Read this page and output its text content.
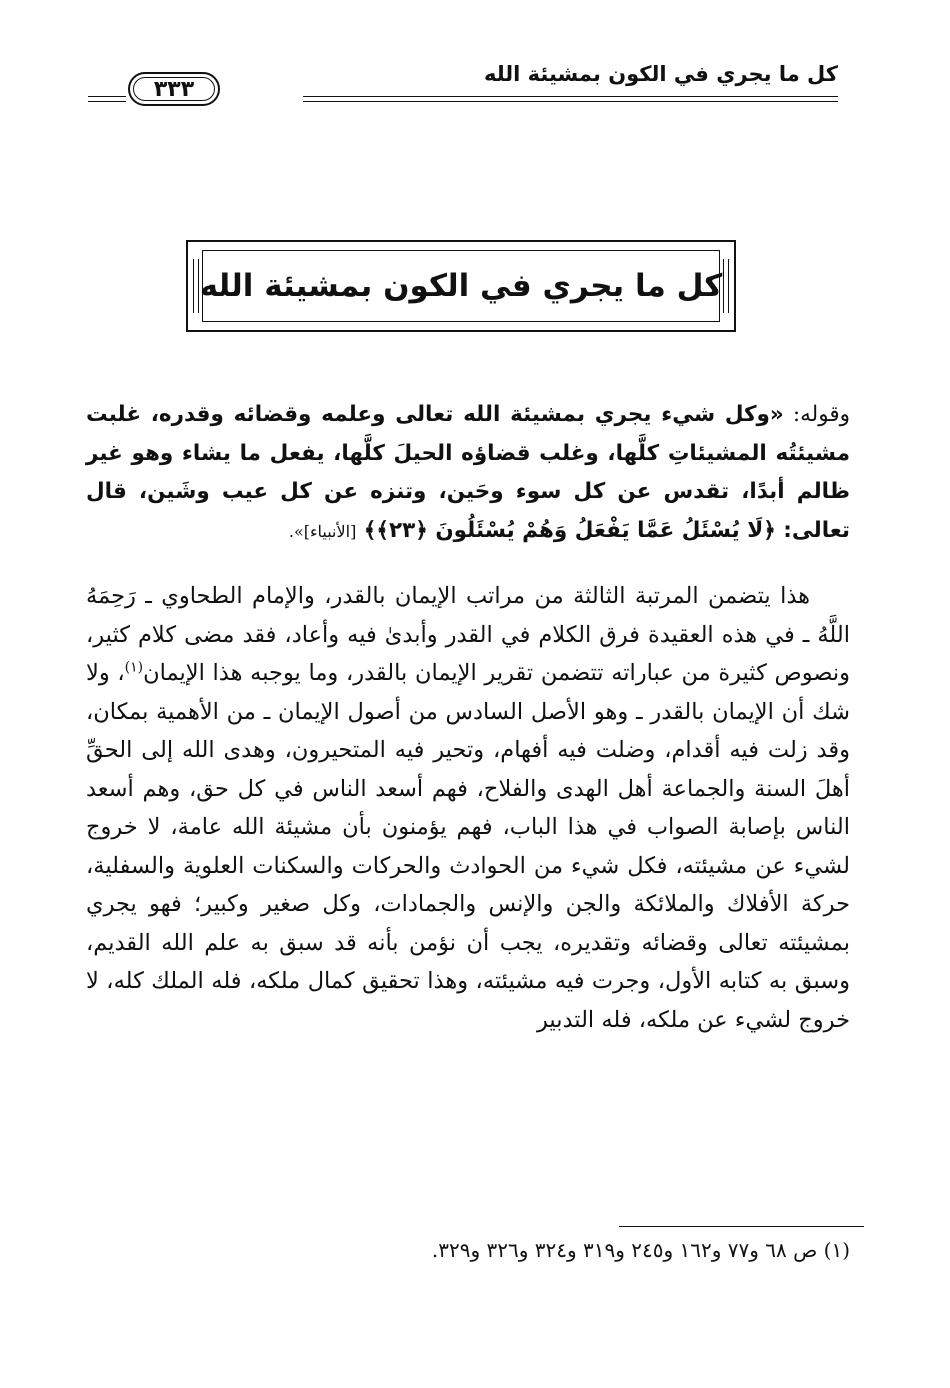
كل ما يجري في الكون بمشيئة الله
٣٣٣
كل ما يجري في الكون بمشيئة الله

وقوله: «وكل شيء يجري بمشيئة الله تعالى وعلمه وقضائه وقدره، غلبت مشيئتُه المشيئاتِ كلَّها، وغلب قضاؤه الحيلَ كلَّها، يفعل ما يشاء وهو غير ظالم أبدًا، تقدس عن كل سوء وحَين، وتنزه عن كل عيب وشَين، قال تعالى: ﴿لَا يُسْئَلُ عَمَّا يَفْعَلُ وَهُمْ يُسْئَلُونَ ﴿٢٣﴾﴾ [الأنبياء]».

هذا يتضمن المرتبة الثالثة من مراتب الإيمان بالقدر، والإمام الطحاوي ـ رَحِمَهُ اللَّهُ ـ في هذه العقيدة فرق الكلام في القدر وأبدىٰ فيه وأعاد، فقد مضى كلام كثير، ونصوص كثيرة من عباراته تتضمن تقرير الإيمان بالقدر، وما يوجبه هذا الإيمان$^{(١)}$، ولا شك أن الإيمان بالقدر ـ وهو الأصل السادس من أصول الإيمان ـ من الأهمية بمكان، وقد زلت فيه أقدام، وضلت فيه أفهام، وتحير فيه المتحيرون، وهدى الله إلى الحقِّ أهلَ السنة والجماعة أهل الهدى والفلاح، فهم أسعد الناس في كل حق، وهم أسعد الناس بإصابة الصواب في هذا الباب، فهم يؤمنون بأن مشيئة الله عامة، لا خروج لشيء عن مشيئته، فكل شيء من الحوادث والحركات والسكنات العلوية والسفلية، حركة الأفلاك والملائكة والجن والإنس والجمادات، وكل صغير وكبير؛ فهو يجري بمشيئته تعالى وقضائه وتقديره، يجب أن نؤمن بأنه قد سبق به علم الله القديم، وسبق به كتابه الأول، وجرت فيه مشيئته، وهذا تحقيق كمال ملكه، فله الملك كله، لا خروج لشيء عن ملكه، فله التدبير

(١) ص ٦٨ و٧٧ و١٦٢ و٢٤٥ و٣١٩ و٣٢٤ و٣٢٦ و٣٢٩.
